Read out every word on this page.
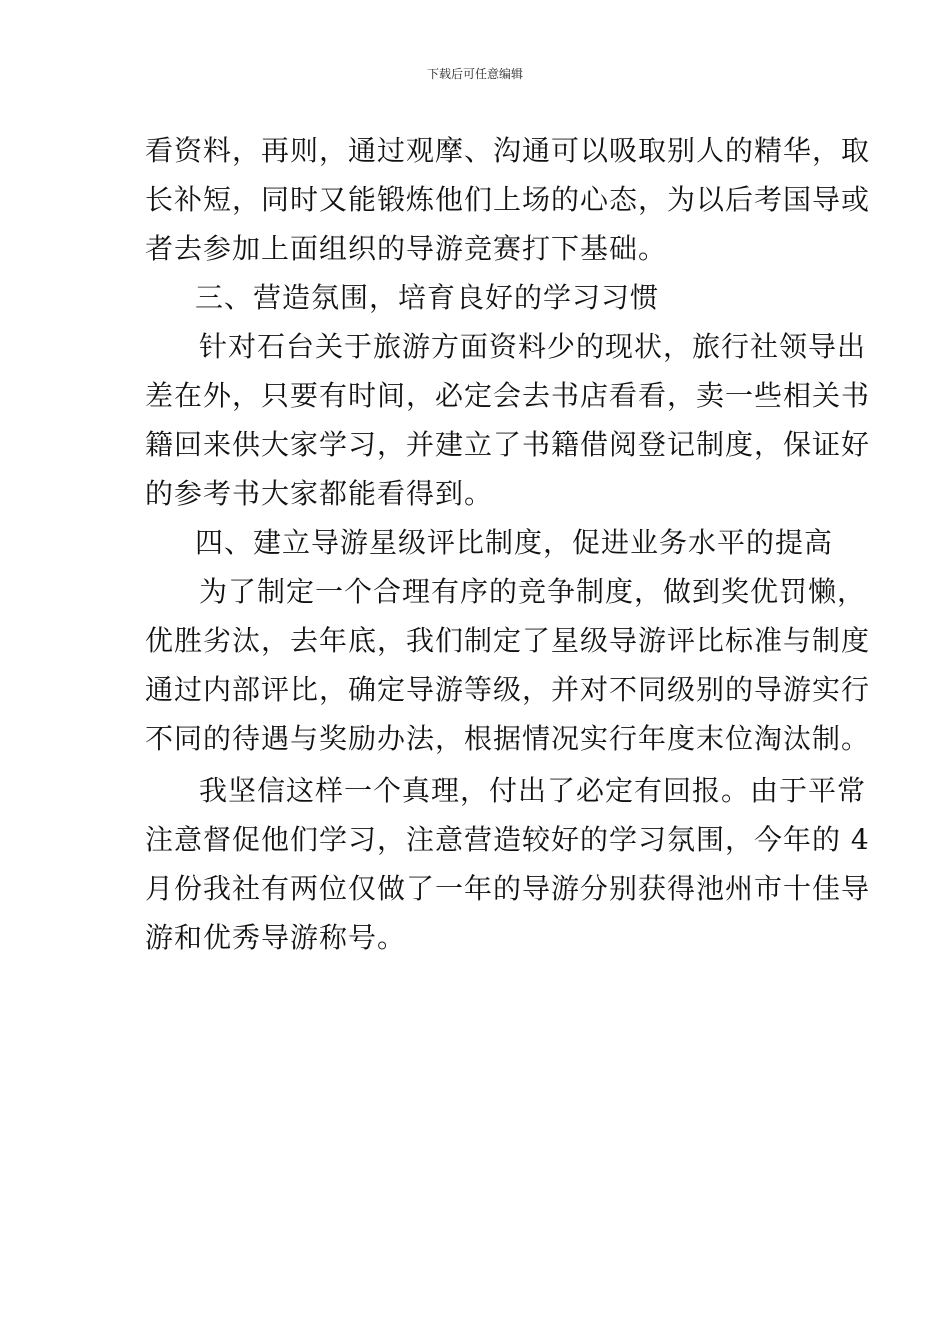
下载后可任意编辑
看资料，再则，通过观摩、沟通可以吸取别人的精华，取
长补短，同时又能锻炼他们上场的心态，为以后考国导或
者去参加上面组织的导游竞赛打下基础。
三、营造氛围，培育良好的学习习惯
针对石台关于旅游方面资料少的现状，旅行社领导出
差在外，只要有时间，必定会去书店看看，卖一些相关书
籍回来供大家学习，并建立了书籍借阅登记制度，保证好
的参考书大家都能看得到。
四、建立导游星级评比制度，促进业务水平的提高
为了制定一个合理有序的竞争制度，做到奖优罚懒，
优胜劣汰，去年底，我们制定了星级导游评比标准与制度
通过内部评比，确定导游等级，并对不同级别的导游实行
不同的待遇与奖励办法，根据情况实行年度末位淘汰制。
我坚信这样一个真理，付出了必定有回报。由于平常
注意督促他们学习，注意营造较好的学习氛围，今年的 4
月份我社有两位仅做了一年的导游分别获得池州市十佳导
游和优秀导游称号。
